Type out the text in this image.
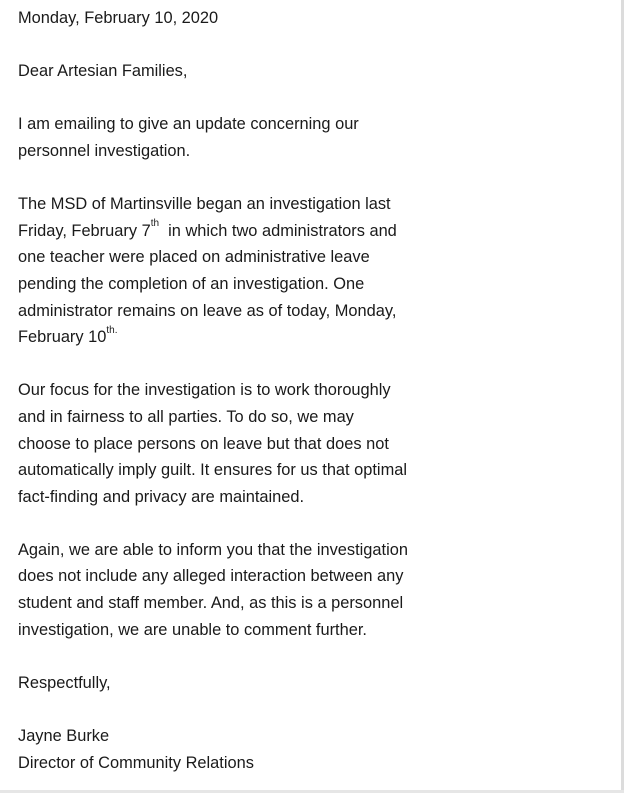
Monday, February 10, 2020
Dear Artesian Families,
I am emailing to give an update concerning our
personnel investigation.
The MSD of Martinsville began an investigation last
Friday, February 7th  in which two administrators and
one teacher were placed on administrative leave
pending the completion of an investigation. One
administrator remains on leave as of today, Monday,
February $10^{th.}$
Our focus for the investigation is to work thoroughly
and in fairness to all parties. To do so, we may
choose to place persons on leave but that does not
automatically imply guilt. It ensures for us that optimal
fact-finding and privacy are maintained.
Again, we are able to inform you that the investigation
does not include any alleged interaction between any
student and staff member. And, as this is a personnel
investigation, we are unable to comment further.
Respectfully,
Jayne Burke
Director of Community Relations
